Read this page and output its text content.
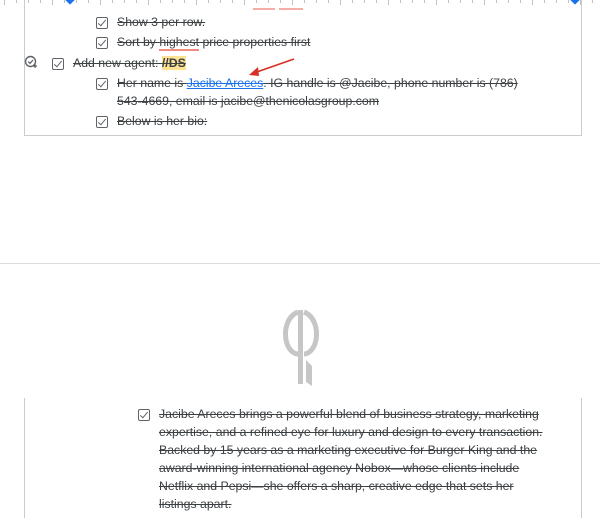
Show 3 per row.
Sort by highest price properties first
Add new agent: //DS
Her name is Jacibe Areces. IG handle is @Jacibe, phone number is (786)
543-4669, email is jacibe@thenicolasgroup.com
Below is her bio:
Jacibe Areces brings a powerful blend of business strategy, marketing
expertise, and a refined eye for luxury and design to every transaction.
Backed by 15 years as a marketing executive for Burger King and the
award-winning international agency Nobox—whose clients include
Netflix and Pepsi—she offers a sharp, creative edge that sets her
listings apart.
